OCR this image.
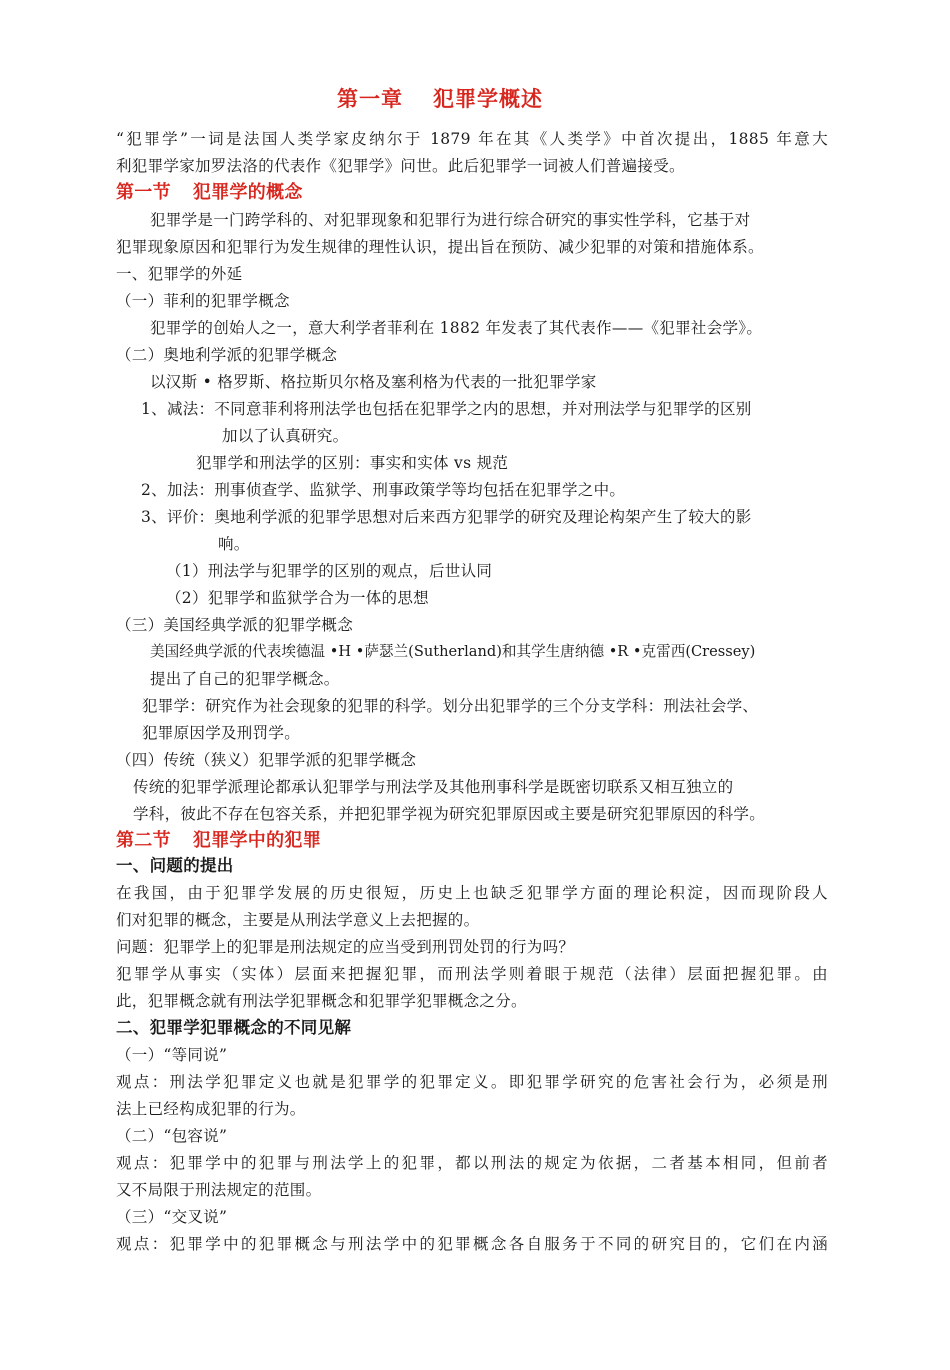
第一章 犯罪学概述
“犯罪学”一词是法国人类学家皮纳尔于 1879 年在其《人类学》中首次提出，1885 年意大
利犯罪学家加罗法洛的代表作《犯罪学》问世。此后犯罪学一词被人们普遍接受。
第一节 犯罪学的概念
犯罪学是一门跨学科的、对犯罪现象和犯罪行为进行综合研究的事实性学科，它基于对
犯罪现象原因和犯罪行为发生规律的理性认识，提出旨在预防、减少犯罪的对策和措施体系。
一、犯罪学的外延
（一）菲利的犯罪学概念
犯罪学的创始人之一，意大利学者菲利在 1882 年发表了其代表作——《犯罪社会学》。
（二）奥地利学派的犯罪学概念
以汉斯 • 格罗斯、格拉斯贝尔格及塞利格为代表的一批犯罪学家
1、减法：不同意菲利将刑法学也包括在犯罪学之内的思想，并对刑法学与犯罪学的区别
加以了认真研究。
犯罪学和刑法学的区别：事实和实体 vs 规范
2、加法：刑事侦查学、监狱学、刑事政策学等均包括在犯罪学之中。
3、评价：奥地利学派的犯罪学思想对后来西方犯罪学的研究及理论构架产生了较大的影
响。
（1）刑法学与犯罪学的区别的观点，后世认同
（2）犯罪学和监狱学合为一体的思想
（三）美国经典学派的犯罪学概念
美国经典学派的代表埃德温 •H •萨瑟兰(Sutherland)和其学生唐纳德 •R •克雷西(Cressey)
提出了自己的犯罪学概念。
犯罪学：研究作为社会现象的犯罪的科学。划分出犯罪学的三个分支学科：刑法社会学、
犯罪原因学及刑罚学。
（四）传统（狭义）犯罪学派的犯罪学概念
传统的犯罪学派理论都承认犯罪学与刑法学及其他刑事科学是既密切联系又相互独立的
学科，彼此不存在包容关系，并把犯罪学视为研究犯罪原因或主要是研究犯罪原因的科学。
第二节 犯罪学中的犯罪
一、问题的提出
在我国，由于犯罪学发展的历史很短，历史上也缺乏犯罪学方面的理论积淀，因而现阶段人
们对犯罪的概念，主要是从刑法学意义上去把握的。
问题：犯罪学上的犯罪是刑法规定的应当受到刑罚处罚的行为吗？
犯罪学从事实（实体）层面来把握犯罪，而刑法学则着眼于规范（法律）层面把握犯罪。由
此，犯罪概念就有刑法学犯罪概念和犯罪学犯罪概念之分。
二、犯罪学犯罪概念的不同见解
（一）“等同说”
观点：刑法学犯罪定义也就是犯罪学的犯罪定义。即犯罪学研究的危害社会行为，必须是刑
法上已经构成犯罪的行为。
（二）“包容说”
观点：犯罪学中的犯罪与刑法学上的犯罪，都以刑法的规定为依据，二者基本相同，但前者
又不局限于刑法规定的范围。
（三）“交叉说”
观点：犯罪学中的犯罪概念与刑法学中的犯罪概念各自服务于不同的研究目的，它们在内涵
